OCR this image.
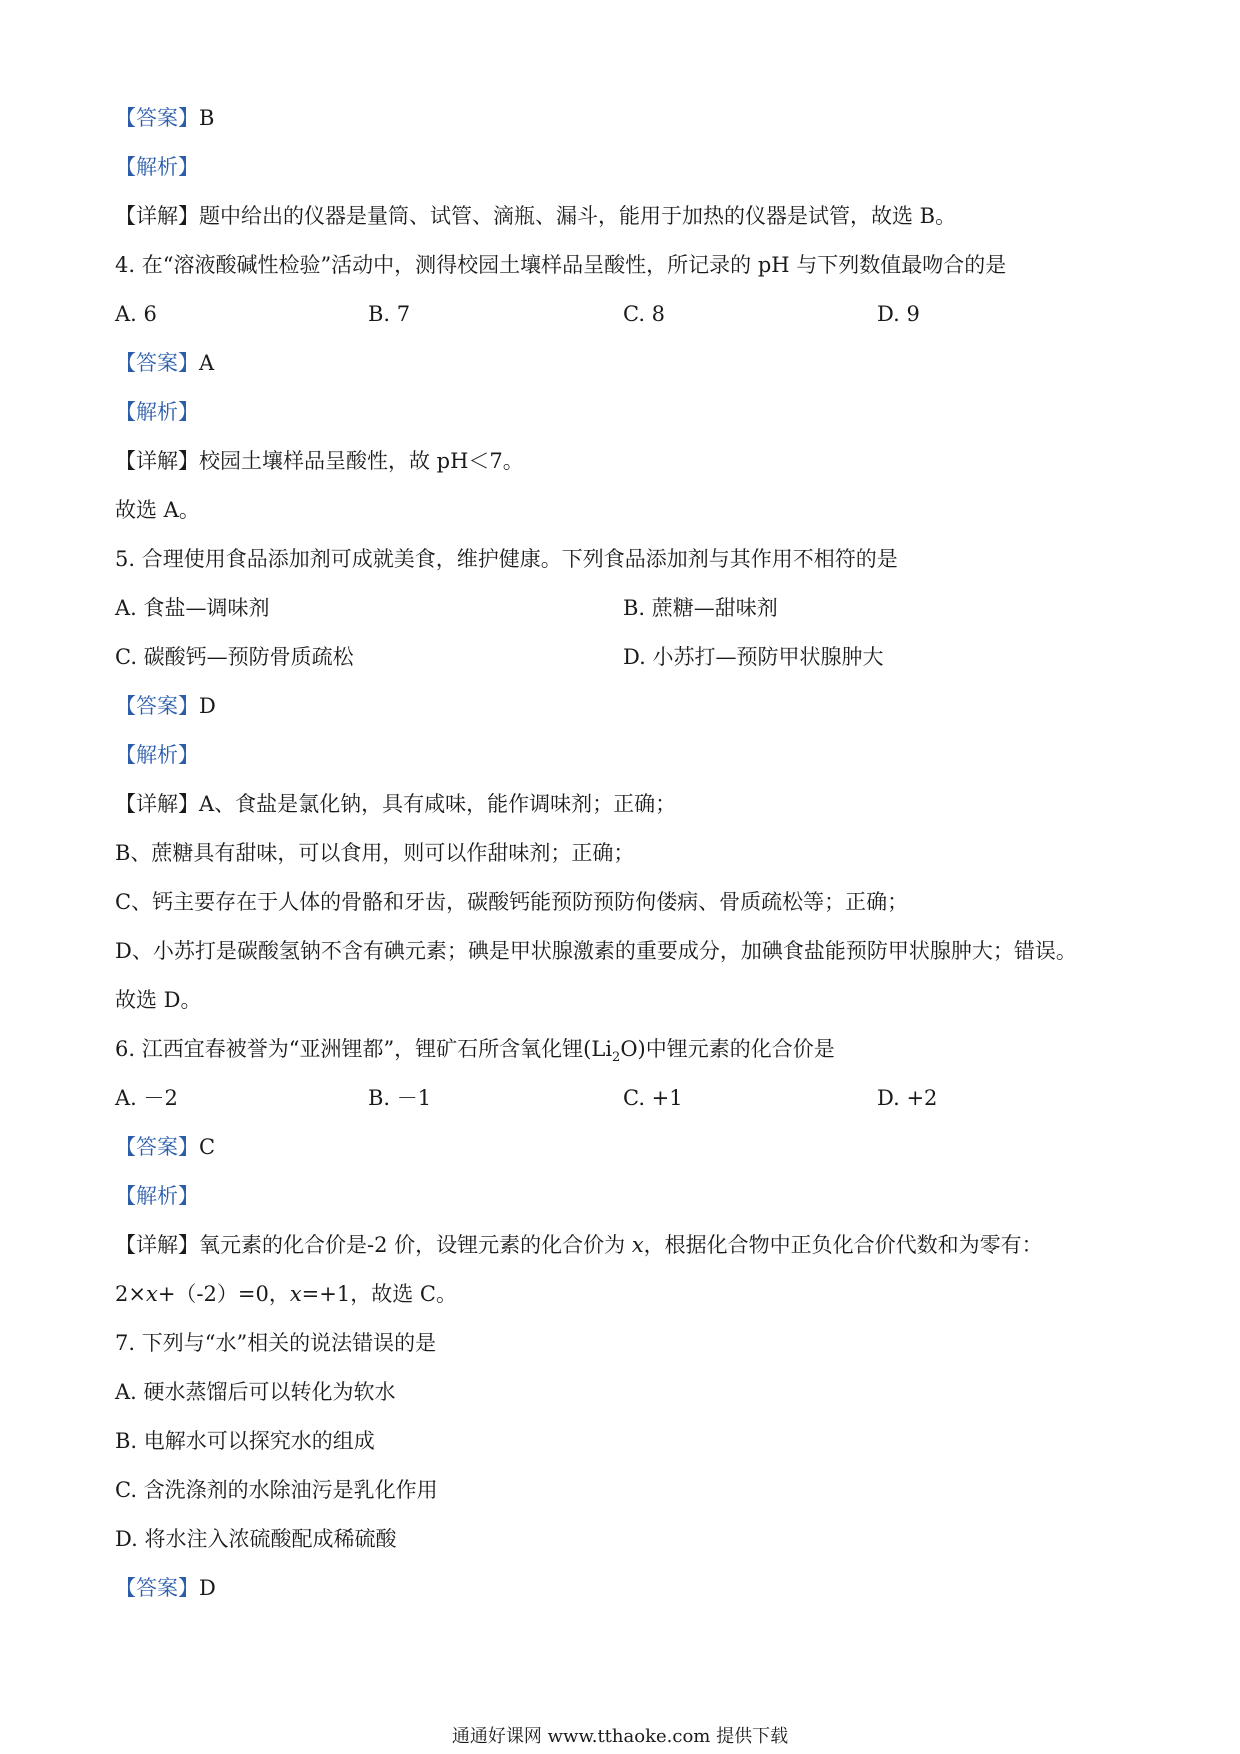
【答案】B
【解析】
【详解】题中给出的仪器是量筒、试管、滴瓶、漏斗，能用于加热的仪器是试管，故选 B。
4. 在“溶液酸碱性检验”活动中，测得校园土壤样品呈酸性，所记录的 pH 与下列数值最吻合的是
A. 6	B. 7	C. 8	D. 9
【答案】A
【解析】
【详解】校园土壤样品呈酸性，故 pH＜7。
故选 A。
5. 合理使用食品添加剂可成就美食，维护健康。下列食品添加剂与其作用不相符的是
A. 食盐—调味剂	B. 蔗糖—甜味剂
C. 碳酸钙—预防骨质疏松	D. 小苏打—预防甲状腺肿大
【答案】D
【解析】
【详解】A、食盐是氯化钠，具有咸味，能作调味剂；正确；
B、蔗糖具有甜味，可以食用，则可以作甜味剂；正确；
C、钙主要存在于人体的骨骼和牙齿，碳酸钙能预防预防佝偻病、骨质疏松等；正确；
D、小苏打是碳酸氢钠不含有碘元素；碘是甲状腺激素的重要成分，加碘食盐能预防甲状腺肿大；错误。
故选 D。
6. 江西宜春被誉为“亚洲锂都”，锂矿石所含氧化锂$(Li_2O)$中锂元素的化合价是
A. －2	B. －1	C. +1	D. +2
【答案】C
【解析】
【详解】氧元素的化合价是-2 价，设锂元素的化合价为 x，根据化合物中正负化合价代数和为零有：
2×x+（-2）=0，x=+1，故选 C。
7. 下列与“水”相关的说法错误的是
A. 硬水蒸馏后可以转化为软水
B. 电解水可以探究水的组成
C. 含洗涤剂的水除油污是乳化作用
D. 将水注入浓硫酸配成稀硫酸
【答案】D
通通好课网 www.tthaoke.com 提供下载
